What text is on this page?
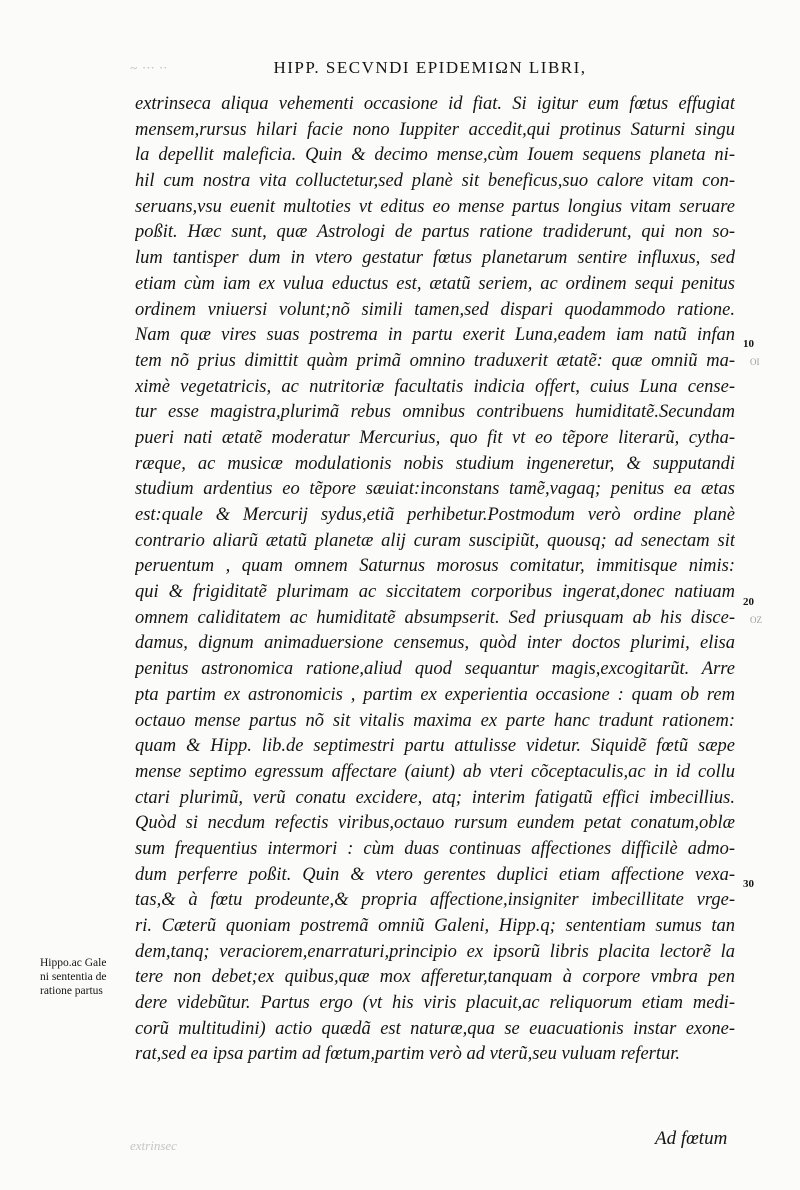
~ ··· ··	HIPP. SECVNDI EPIDEMIΩN LIBRI,
extrinseca aliqua vehementi occasione id fiat. Si igitur eum fœtus effugiat
mensem,rursus hilari facie nono Iuppiter accedit,qui protinus Saturni singu
la depellit maleficia. Quin & decimo mense,cùm Iouem sequens planeta ni-
hil cum nostra vita colluctetur,sed planè sit beneficus,suo calore vitam con-
seruans,vsu euenit multoties vt editus eo mense partus longius vitam seruare
poßit. Hæc sunt, quæ Astrologi de partus ratione tradiderunt, qui non so-
lum tantisper dum in vtero gestatur fœtus planetarum sentire influxus, sed
etiam cùm iam ex vulua eductus est, ætatũ seriem, ac ordinem sequi penitus
ordinem vniuersi volunt;nõ simili tamen,sed dispari quodammodo ratione.
Nam quæ vires suas postrema in partu exerit Luna,eadem iam natũ infan
tem nõ prius dimittit quàm primã omnino traduxerit ætatẽ: quæ omniũ ma-
ximè vegetatricis, ac nutritoriæ facultatis indicia offert, cuius Luna cense-
tur esse magistra,plurimã rebus omnibus contribuens humiditatẽ.Secundam
pueri nati ætatẽ moderatur Mercurius, quo fit vt eo tẽpore literarũ, cytha-
ræque, ac musicæ modulationis nobis studium ingeneretur, & supputandi
studium ardentius eo tẽpore sæuiat:inconstans tamẽ,vagaq; penitus ea ætas
est:quale & Mercurij sydus,etiã perhibetur.Postmodum verò ordine planè
contrario aliarũ ætatũ planetæ alij curam suscipiũt, quousq; ad senectam sit
peruentum , quam omnem Saturnus morosus comitatur, immitisque nimis:
qui & frigiditatẽ plurimam ac siccitatem corporibus ingerat,donec natiuam
omnem caliditatem ac humiditatẽ absumpserit. Sed priusquam ab his disce-
damus, dignum animaduersione censemus, quòd inter doctos plurimi, elisa
penitus astronomica ratione,aliud quod sequantur magis,excogitarũt. Arre
pta partim ex astronomicis , partim ex experientia occasione : quam ob rem
octauo mense partus nõ sit vitalis maxima ex parte hanc tradunt rationem:
quam & Hipp. lib.de septimestri partu attulisse videtur. Siquidẽ fœtũ sæpe
mense septimo egressum affectare (aiunt) ab vteri cõceptaculis,ac in id collu
ctari plurimũ, verũ conatu excidere, atq; interim fatigatũ effici imbecillius.
Quòd si necdum refectis viribus,octauo rursum eundem petat conatum,oblæ
sum frequentius intermori : cùm duas continuas affectiones difficilè admo-
dum perferre poßit. Quin & vtero gerentes duplici etiam affectione vexa-
tas,& à fœtu prodeunte,& propria affectione,insigniter imbecillitate vrge-
ri. Cæterũ quoniam postremã omniũ Galeni, Hipp.q; sententiam sumus tan
dem,tanq; veraciorem,enarraturi,principio ex ipsorũ libris placita lectorẽ la
tere non debet;ex quibus,quæ mox afferetur,tanquam à corpore vmbra pen
dere videbũtur. Partus ergo (vt his viris placuit,ac reliquorum etiam medi-
corũ multitudini) actio quædã est naturæ,qua se euacuationis instar exone-
rat,sed ea ipsa partim ad fœtum,partim verò ad vterũ,seu vuluam refertur.
10
20
30
OI
OZ
Hippo.ac Gale
ni sententia de
ratione partus
extrinsec	Ad fœtum
